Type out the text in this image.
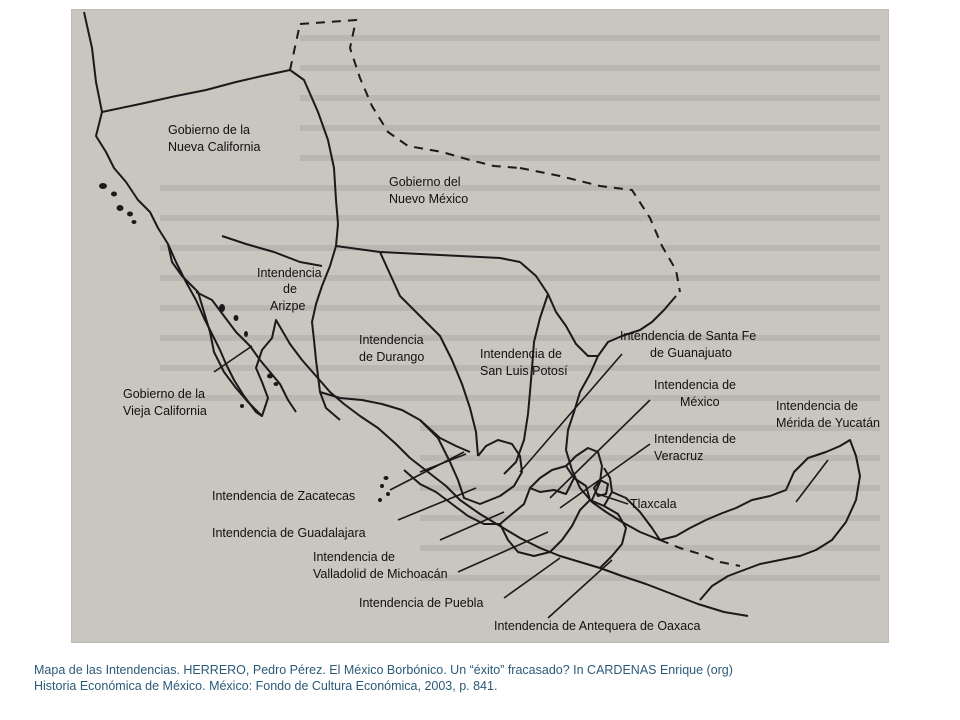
Gobierno de la
Nueva California
Gobierno del
Nuevo México
Intendencia
de
Arizpe
Intendencia
de Durango	Intendencia de
San Luis Potosí
Intendencia de Santa Fe
de Guanajuato
Intendencia de
México
Intendencia de
Veracruz
Intendencia de
Mérida de Yucatán
Gobierno de la
Vieja California
Tlaxcala
Intendencia de Zacatecas
Intendencia de Guadalajara
Intendencia de
Valladolid de Michoacán
Intendencia de Puebla
Intendencia de Antequera de Oaxaca
Mapa de las Intendencias. HERRERO, Pedro Pérez. El México Borbónico. Un “éxito” fracasado? In CARDENAS Enrique (org)
Historia Económica de México. México: Fondo de Cultura Económica, 2003, p. 841.
